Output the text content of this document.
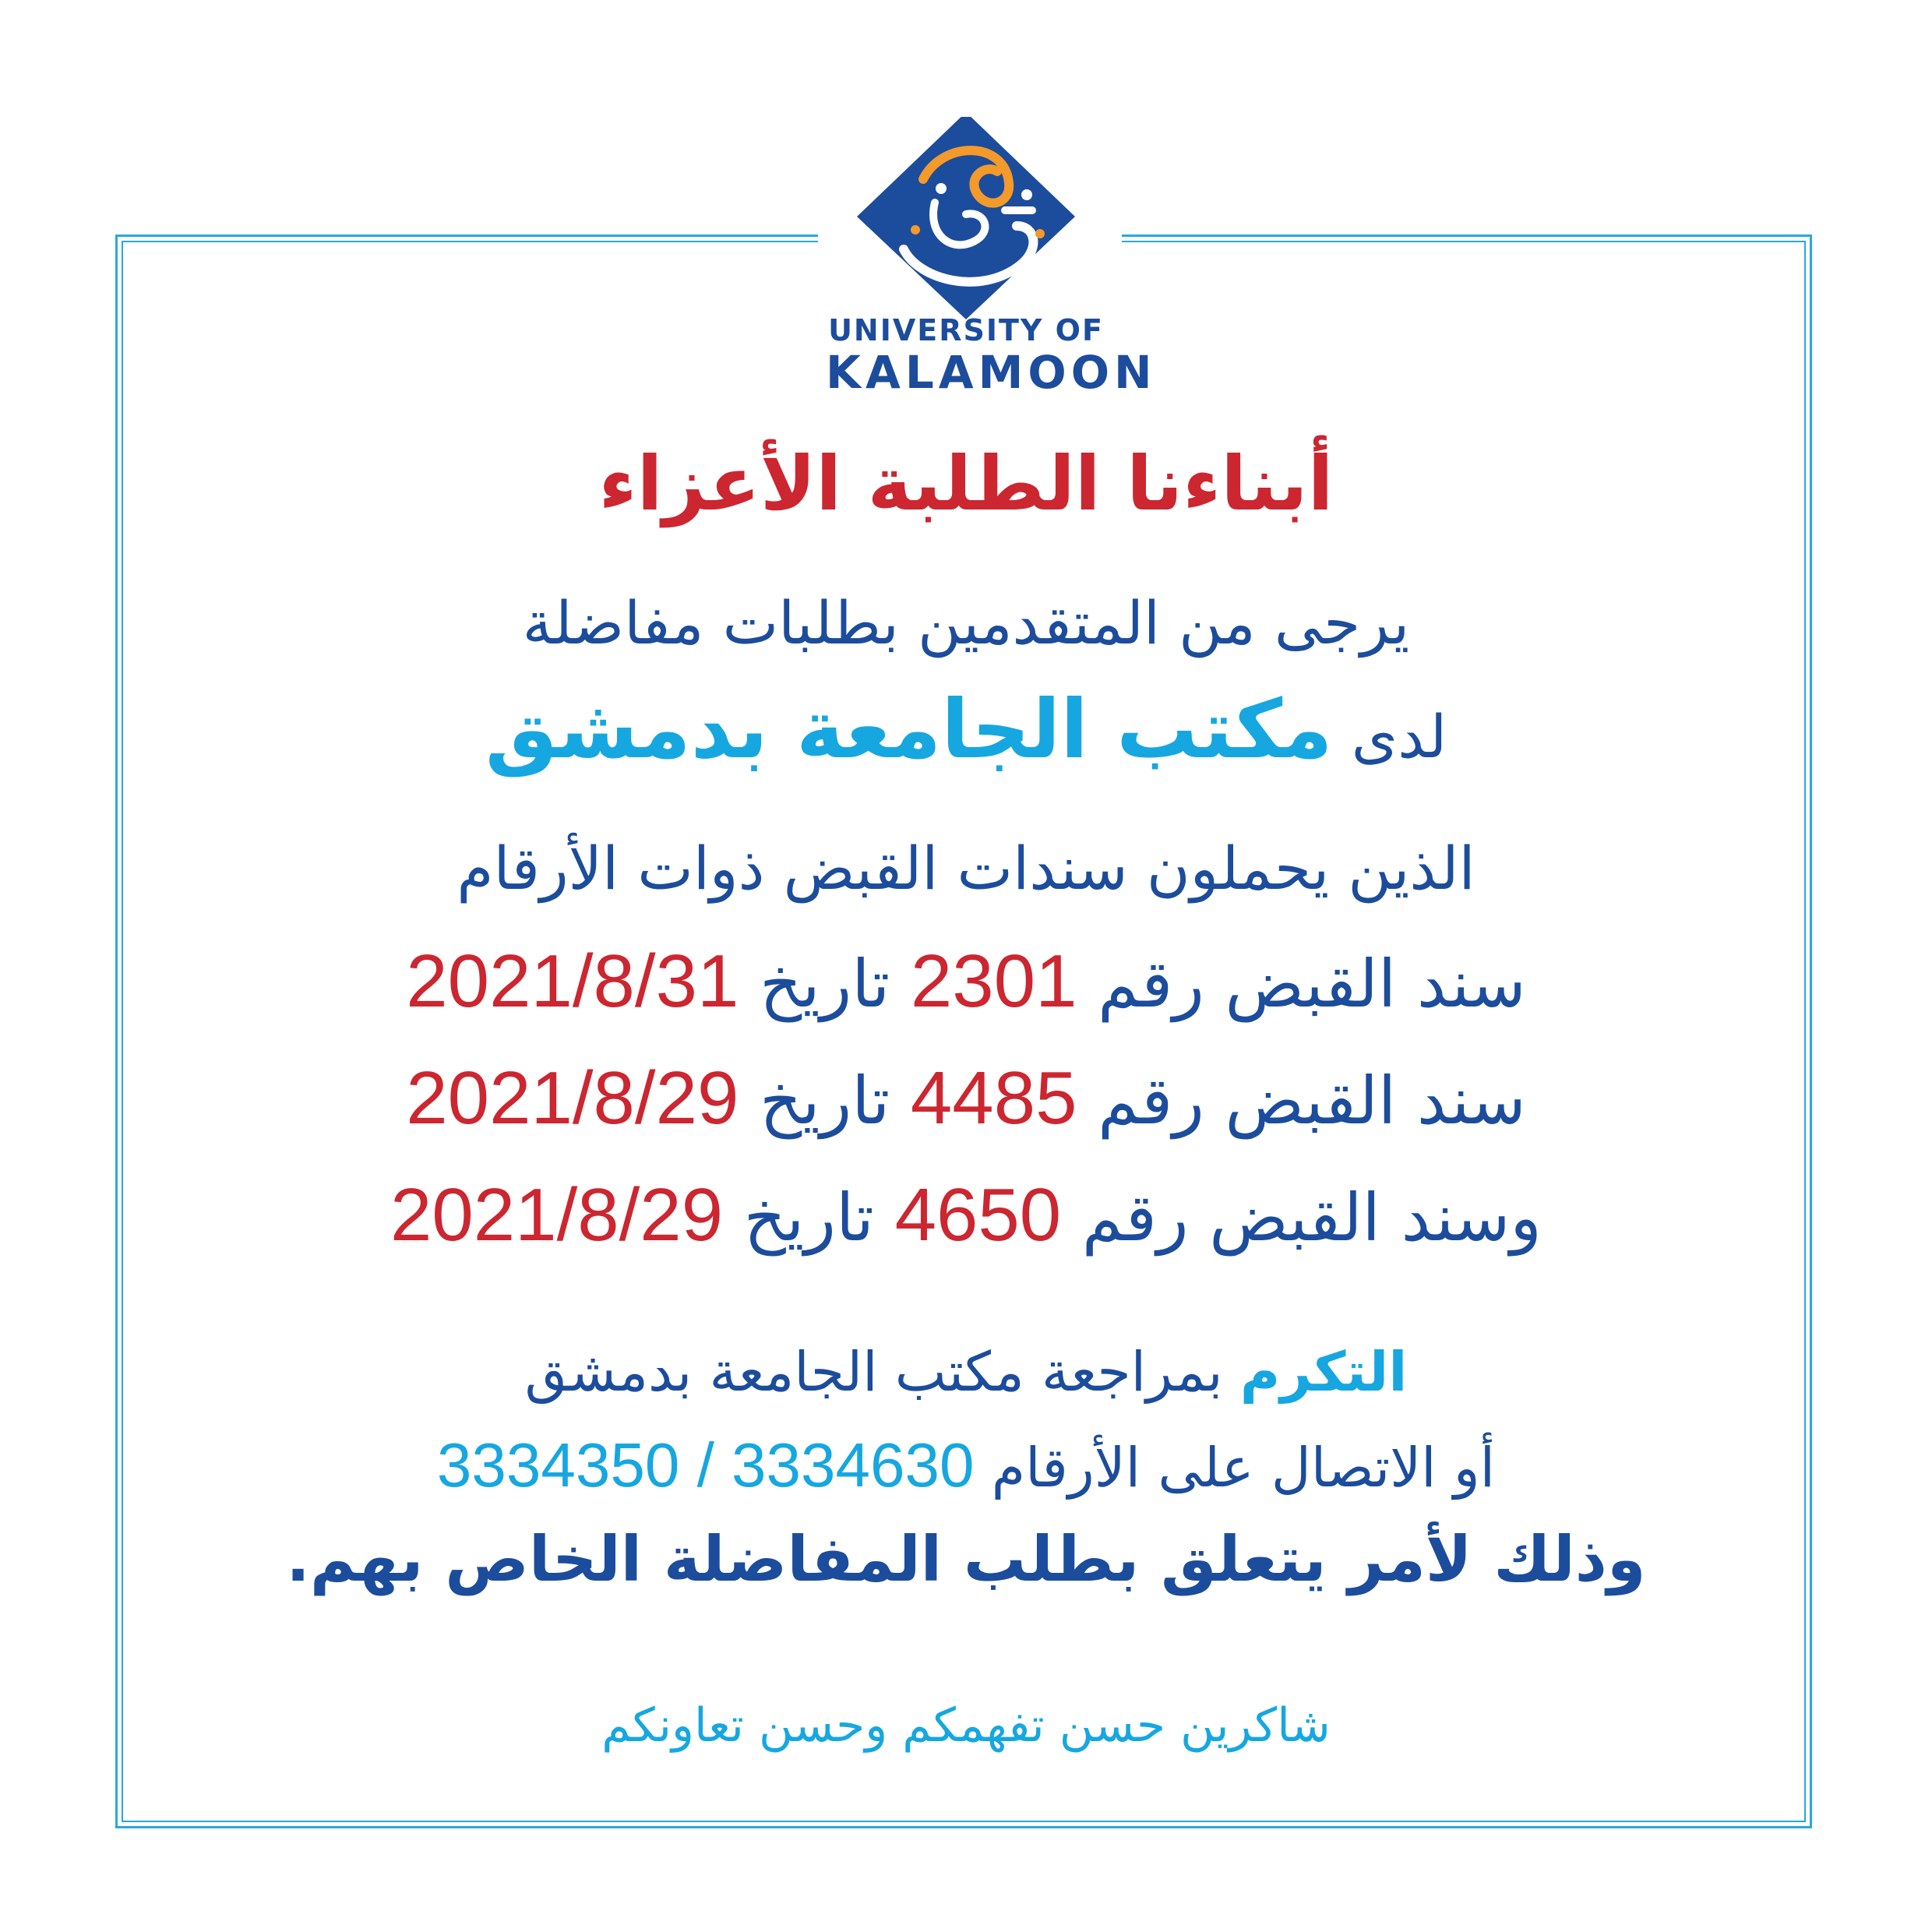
جامعة القلمون
UNIVERSITY OF
KALAMOON
أبناءنا الطلبة الأعزاء
يرجى من المتقدمين بطلبات مفاضلة
لدى مكتب الجامعة بدمشق
الذين يحملون سندات القبض ذوات الأرقام
سند القبض رقم 2301 تاريخ 2021/8/31
سند القبض رقم 4485 تاريخ 2021/8/29
وسند القبض رقم 4650 تاريخ 2021/8/29
التكرم بمراجعة مكتب الجامعة بدمشق
أو الاتصال على الأرقام 3334350 / 3334630
وذلك لأمر يتعلق بطلب المفاضلة الخاص بهم.
شاكرين حسن تفهمكم وحسن تعاونكم
